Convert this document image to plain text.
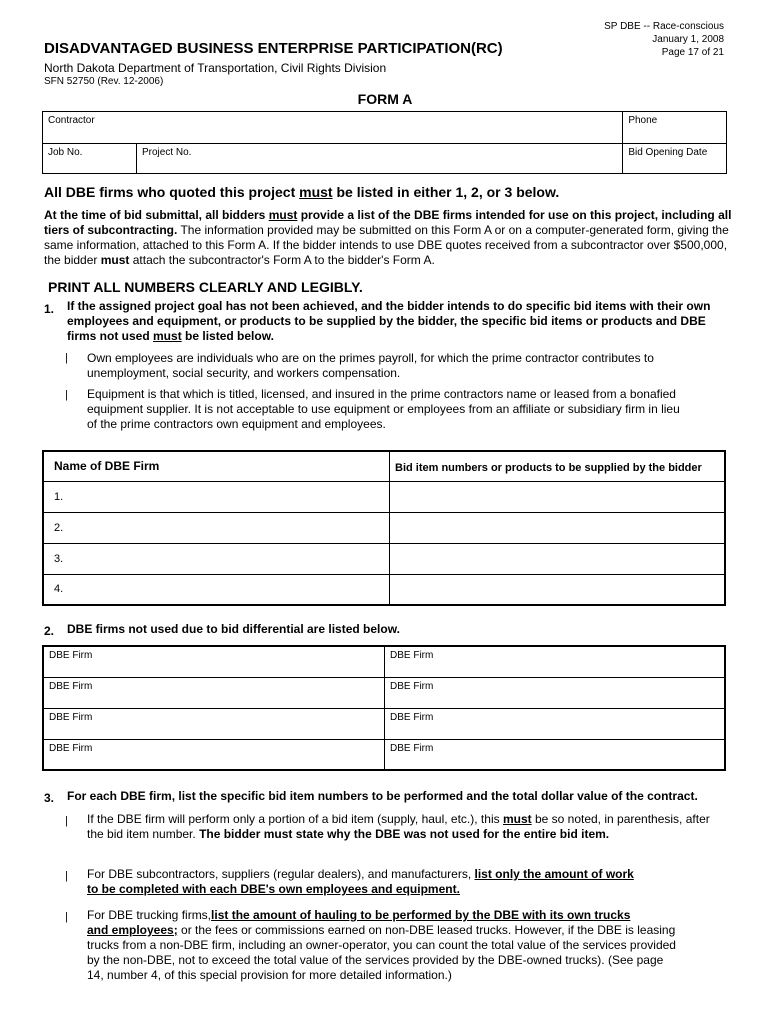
SP DBE -- Race-conscious
January 1, 2008
Page 17 of 21
DISADVANTAGED BUSINESS ENTERPRISE PARTICIPATION(RC)
North Dakota Department of Transportation, Civil Rights Division
SFN 52750 (Rev. 12-2006)
FORM A
Contractor		Phone
Job No.	Project No.	Bid Opening Date
All DBE firms who quoted this project must be listed in either 1, 2, or 3 below.
At the time of bid submittal, all bidders must provide a list of the DBE firms intended for use on this project, including all tiers of subcontracting. The information provided may be submitted on this Form A or on a computer-generated form, giving the same information, attached to this Form A. If the bidder intends to use DBE quotes received from a subcontractor over $500,000, the bidder must attach the subcontractor's Form A to the bidder's Form A.
PRINT ALL NUMBERS CLEARLY AND LEGIBLY.
1. If the assigned project goal has not been achieved, and the bidder intends to do specific bid items with their own employees and equipment, or products to be supplied by the bidder, the specific bid items or products and DBE firms not used must be listed below.
| Own employees are individuals who are on the primes payroll, for which the prime contractor contributes to unemployment, social security, and workers compensation.
| Equipment is that which is titled, licensed, and insured in the prime contractors name or leased from a bonafied equipment supplier. It is not acceptable to use equipment or employees from an affiliate or subsidiary firm in lieu of the prime contractors own equipment and employees.
Name of DBE Firm	Bid item numbers or products to be supplied by the bidder
1.	
2.	
3.	
4.	
2. DBE firms not used due to bid differential are listed below.
DBE Firm	DBE Firm
DBE Firm	DBE Firm
DBE Firm	DBE Firm
DBE Firm	DBE Firm
3. For each DBE firm, list the specific bid item numbers to be performed and the total dollar value of the contract.
| If the DBE firm will perform only a portion of a bid item (supply, haul, etc.), this must be so noted, in parenthesis, after the bid item number. The bidder must state why the DBE was not used for the entire bid item.
| For DBE subcontractors, suppliers (regular dealers), and manufacturers, list only the amount of work
to be completed with each DBE's own employees and equipment.
| For DBE trucking firms,list the amount of hauling to be performed by the DBE with its own trucks
and employees; or the fees or commissions earned on non-DBE leased trucks. However, if the DBE is leasing
trucks from a non-DBE firm, including an owner-operator, you can count the total value of the services provided
by the non-DBE, not to exceed the total value of the services provided by the DBE-owned trucks). (See page
14, number 4, of this special provision for more detailed information.)
